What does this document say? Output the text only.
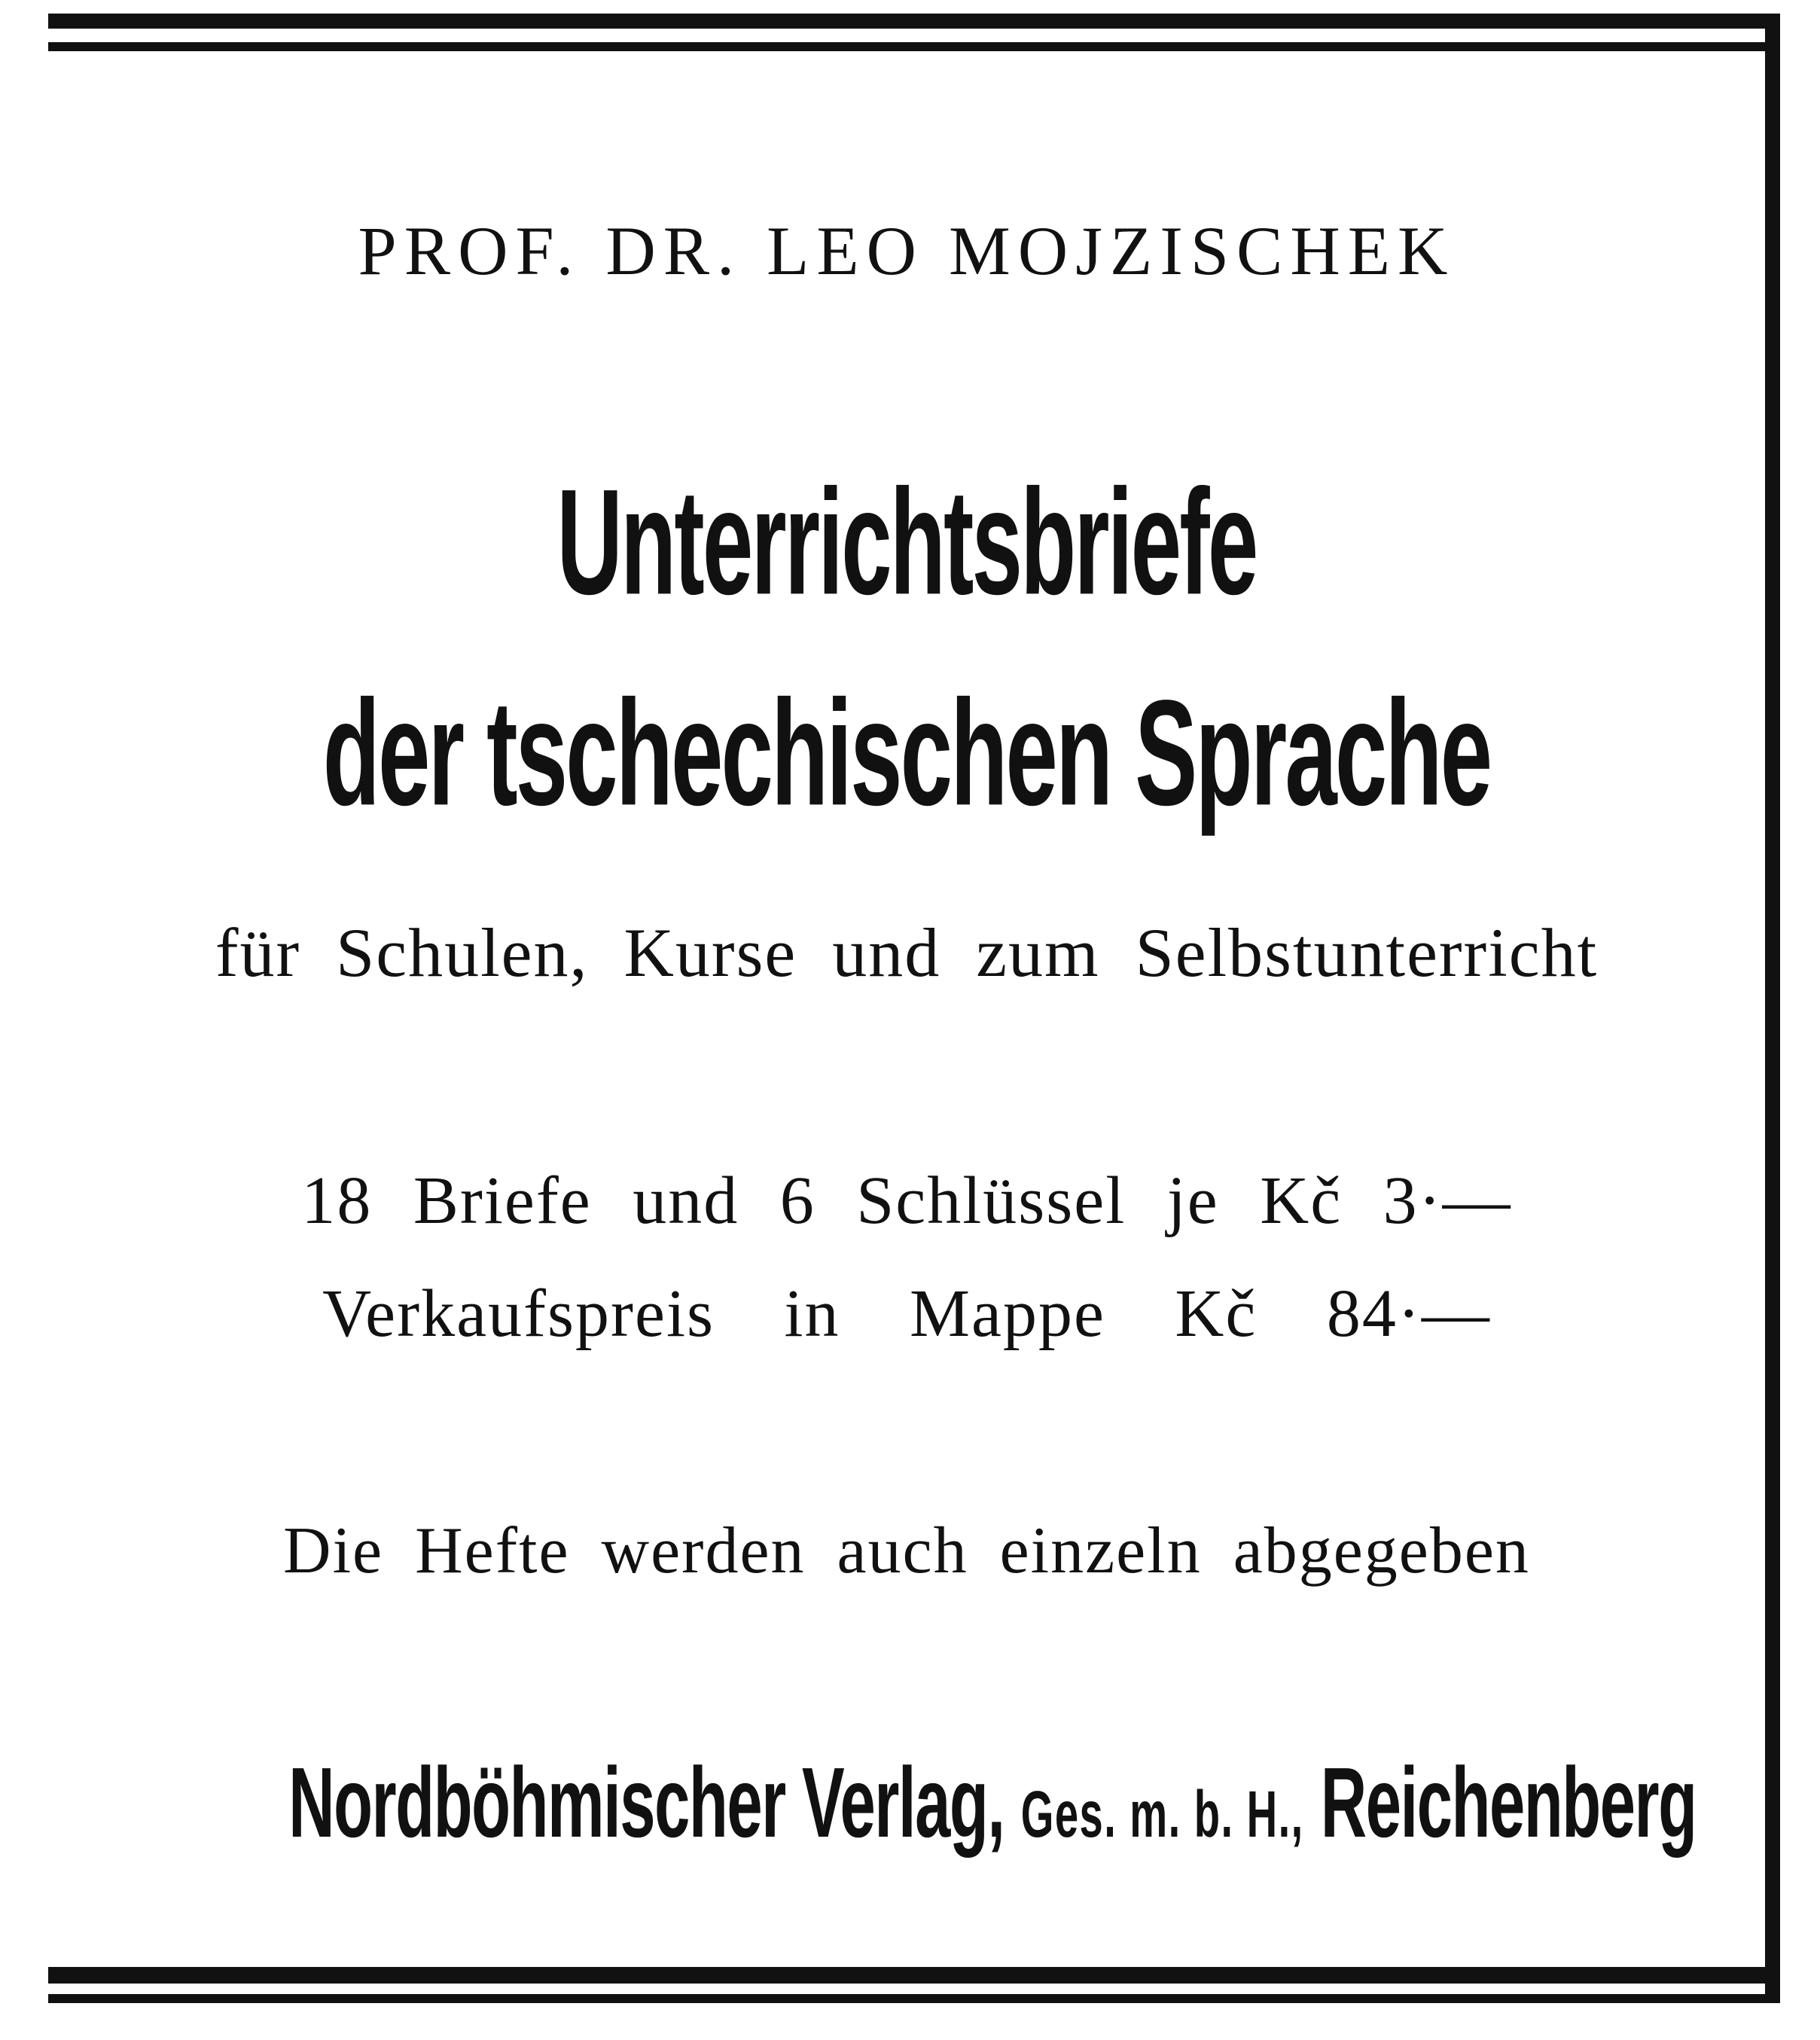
PROF. DR. LEO MOJZISCHEK
Unterrichtsbriefe
der tschechischen Sprache
für Schulen, Kurse und zum Selbstunterricht
18 Briefe und 6 Schlüssel je Kč 3·—
Verkaufspreis in Mappe Kč 84·—
Die Hefte werden auch einzeln abgegeben
Nordböhmischer Verlag, Ges. m. b. H., Reichenberg
